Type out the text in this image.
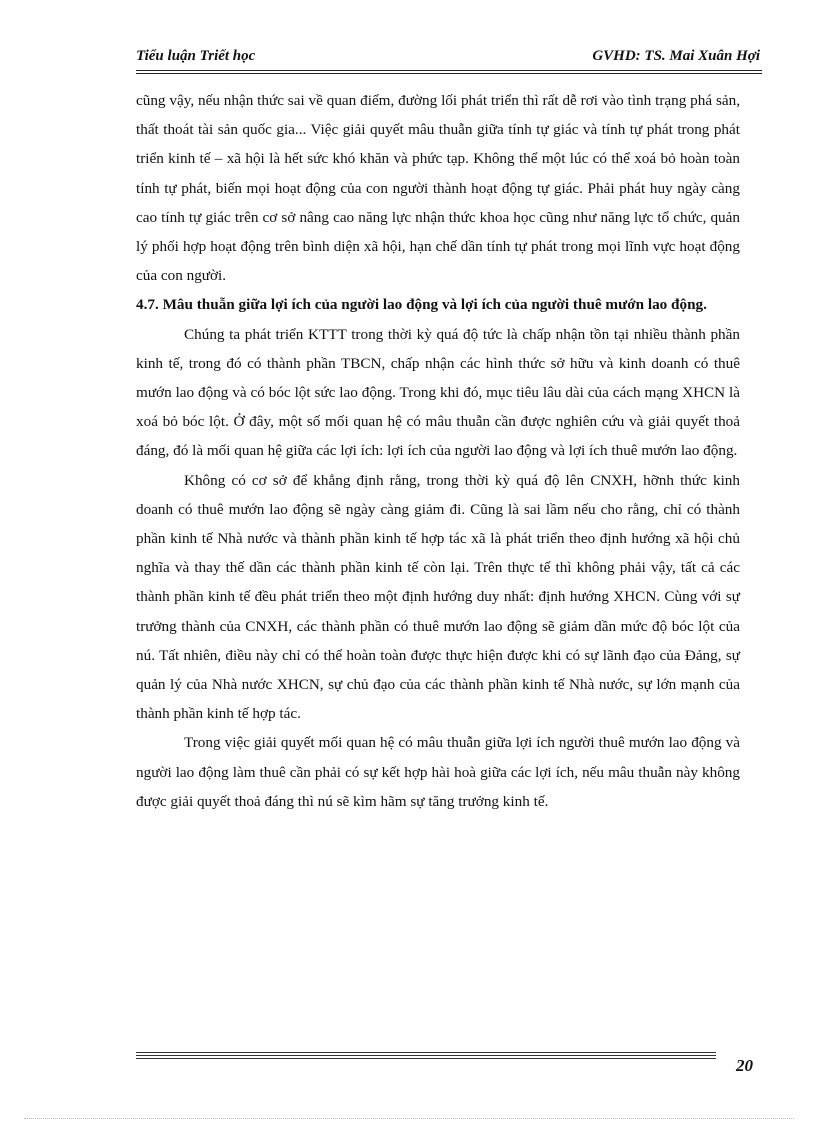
Tiểu luận Triết học	GVHD: TS. Mai Xuân Hợi

cũng vậy, nếu nhận thức sai về quan điểm, đường lối phát triển thì rất dễ rơi vào tình trạng phá sản, thất thoát tài sản quốc gia... Việc giải quyết mâu thuẫn giữa tính tự giác và tính tự phát trong phát triển kinh tế – xã hội là hết sức khó khăn và phức tạp. Không thể một lúc có thể xoá bỏ hoàn toàn tính tự phát, biến mọi hoạt động của con người thành hoạt động tự giác. Phải phát huy ngày càng cao tính tự giác trên cơ sở nâng cao năng lực nhận thức khoa học cũng như năng lực tổ chức, quản lý phối hợp hoạt động trên bình diện xã hội, hạn chế dần tính tự phát trong mọi lĩnh vực hoạt động của con người.

4.7. Mâu thuẫn giữa lợi ích của người lao động và lợi ích của người thuê mướn lao động.

Chúng ta phát triển KTTT trong thời kỳ quá độ tức là chấp nhận tồn tại nhiều thành phần kinh tế, trong đó có thành phần TBCN, chấp nhận các hình thức sở hữu và kinh doanh có thuê mướn lao động và có bóc lột sức lao động. Trong khi đó, mục tiêu lâu dài của cách mạng XHCN là xoá bỏ bóc lột. Ở đây, một số mối quan hệ có mâu thuẫn cần được nghiên cứu và giải quyết thoả đáng, đó là mối quan hệ giữa các lợi ích: lợi ích của người lao động và lợi ích thuê mướn lao động.

Không có cơ sở để khẳng định rằng, trong thời kỳ quá độ lên CNXH, hỡnh thức kinh doanh có thuê mướn lao động sẽ ngày càng giảm đi. Cũng là sai lầm nếu cho rằng, chỉ có thành phần kinh tế Nhà nước và thành phần kinh tế hợp tác xã là phát triển theo định hướng xã hội chủ nghĩa và thay thế dần các thành phần kinh tế còn lại. Trên thực tế thì không phải vậy, tất cả các thành phần kinh tế đều phát triển theo một định hướng duy nhất: định hướng XHCN. Cùng với sự trưởng thành của CNXH, các thành phần có thuê mướn lao động sẽ giảm dần mức độ bóc lột của nú. Tất nhiên, điều này chỉ có thể hoàn toàn được thực hiện được khi có sự lãnh đạo của Đảng, sự quản lý của Nhà nước XHCN, sự chủ đạo của các thành phần kinh tế Nhà nước, sự lớn mạnh của thành phần kinh tế hợp tác.

Trong việc giải quyết mối quan hệ có mâu thuẫn giữa lợi ích người thuê mướn lao động và người lao động làm thuê cần phải có sự kết hợp hài hoà giữa các lợi ích, nếu mâu thuẫn này không được giải quyết thoả đáng thì nú sẽ kìm hãm sự tăng trưởng kinh tế.

20
